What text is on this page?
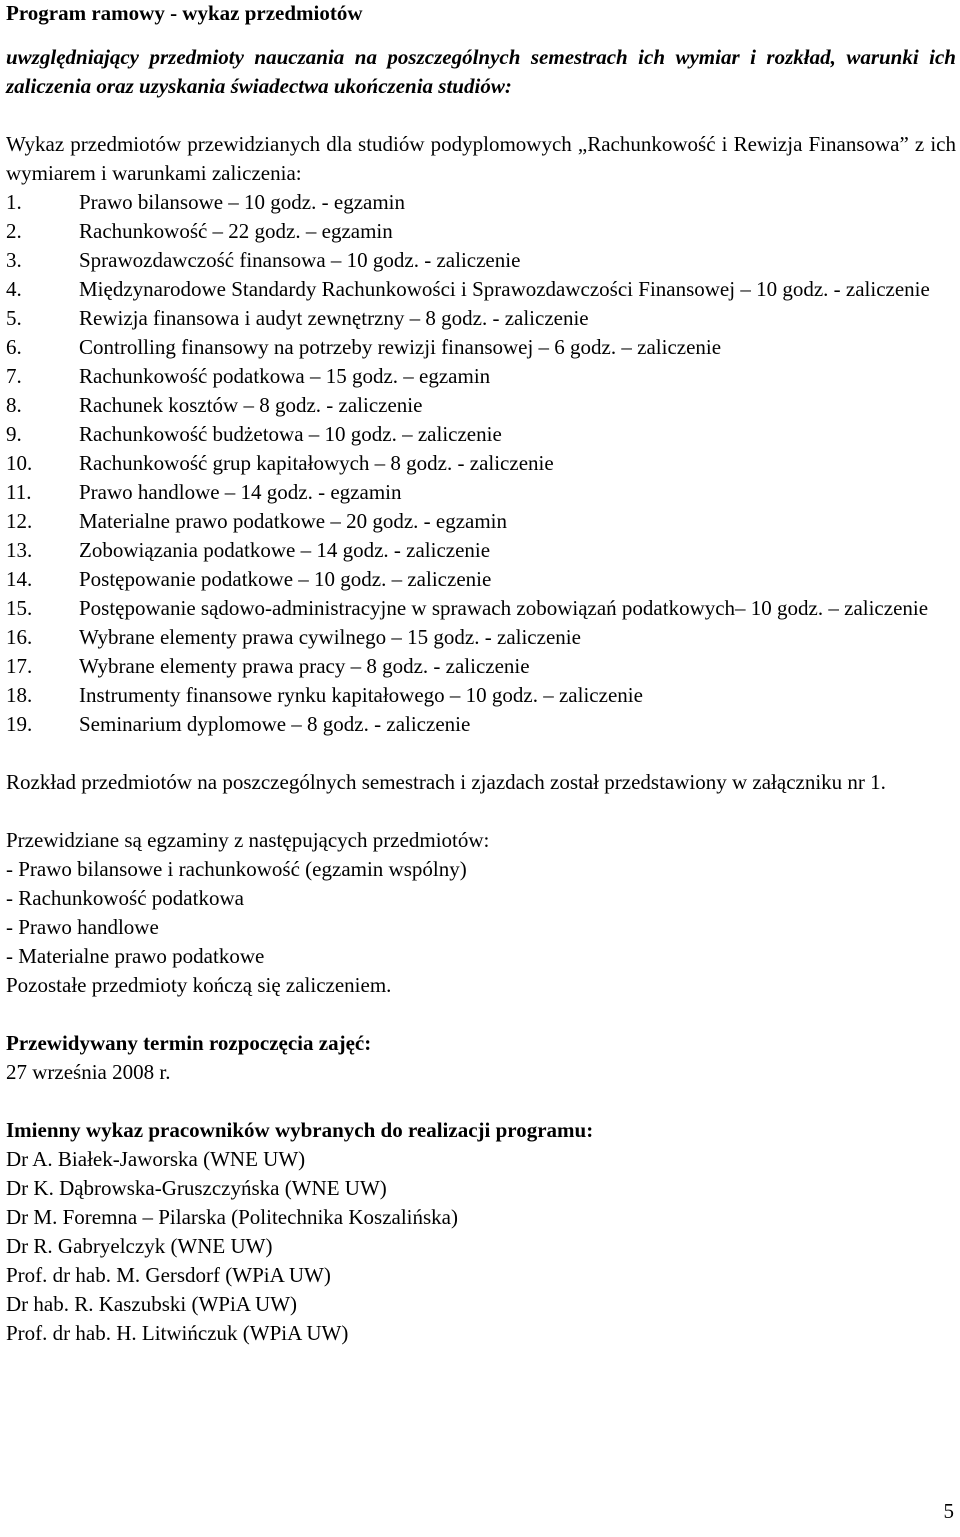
Program ramowy - wykaz przedmiotów

uwzględniający przedmioty nauczania na poszczególnych semestrach ich wymiar i rozkład, warunki ich zaliczenia oraz uzyskania świadectwa ukończenia studiów:

Wykaz przedmiotów przewidzianych dla studiów podyplomowych „Rachunkowość i Rewizja Finansowa” z ich wymiarem i warunkami zaliczenia:

1.	Prawo bilansowe – 10 godz. - egzamin
2.	Rachunkowość – 22 godz. – egzamin
3.	Sprawozdawczość finansowa – 10 godz. - zaliczenie
4.	Międzynarodowe Standardy Rachunkowości i Sprawozdawczości Finansowej – 10 godz. - zaliczenie
5.	Rewizja finansowa i audyt zewnętrzny – 8 godz. - zaliczenie
6.	Controlling finansowy na potrzeby rewizji finansowej – 6 godz. – zaliczenie
7.	Rachunkowość podatkowa – 15 godz. – egzamin
8.	Rachunek kosztów – 8 godz. - zaliczenie
9.	Rachunkowość budżetowa – 10 godz. – zaliczenie
10.	Rachunkowość grup kapitałowych – 8 godz. - zaliczenie
11.	Prawo handlowe – 14 godz. - egzamin
12.	Materialne prawo podatkowe – 20 godz. - egzamin
13.	Zobowiązania podatkowe – 14 godz. - zaliczenie
14.	Postępowanie podatkowe – 10 godz. – zaliczenie
15.	Postępowanie sądowo-administracyjne w sprawach zobowiązań podatkowych– 10 godz. – zaliczenie
16.	Wybrane elementy prawa cywilnego – 15 godz. - zaliczenie
17.	Wybrane elementy prawa pracy – 8 godz. - zaliczenie
18.	Instrumenty finansowe rynku kapitałowego – 10 godz. – zaliczenie
19.	Seminarium dyplomowe – 8 godz. - zaliczenie

Rozkład przedmiotów na poszczególnych semestrach i zjazdach został przedstawiony w załączniku nr 1.

Przewidziane są egzaminy z następujących przedmiotów:

- Prawo bilansowe i rachunkowość (egzamin wspólny)

- Rachunkowość podatkowa

- Prawo handlowe

- Materialne prawo podatkowe

Pozostałe przedmioty kończą się zaliczeniem.

Przewidywany termin rozpoczęcia zajęć:

27 września 2008 r.

Imienny wykaz pracowników wybranych do realizacji programu:

Dr A. Białek-Jaworska (WNE UW)

Dr K. Dąbrowska-Gruszczyńska (WNE UW)

Dr M. Foremna – Pilarska (Politechnika Koszalińska)

Dr R. Gabryelczyk (WNE UW)

Prof. dr hab. M. Gersdorf (WPiA UW)

Dr hab. R. Kaszubski (WPiA UW)

Prof. dr hab. H. Litwińczuk (WPiA UW)

5
